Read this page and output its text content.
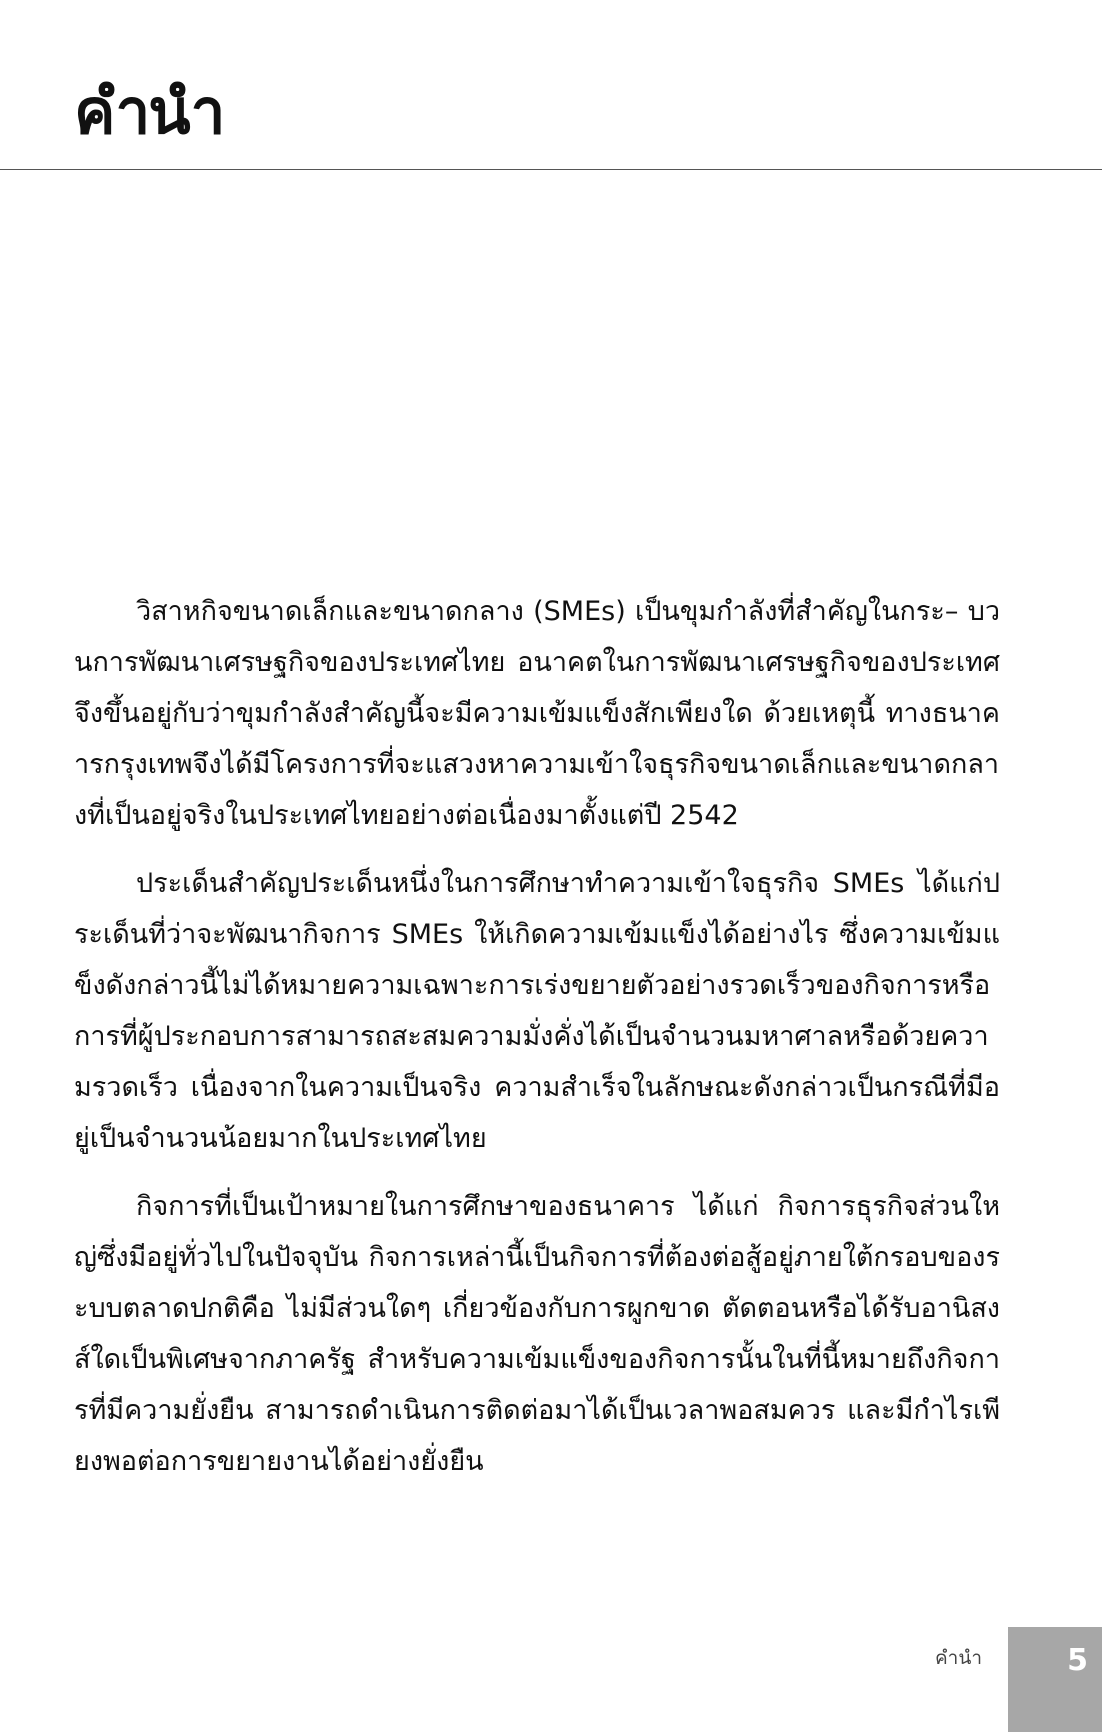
คำนำ

วิสาหกิจขนาดเล็กและขนาดกลาง (SMEs) เป็นขุมกำลังที่สำคัญในกระ– บวนการพัฒนาเศรษฐกิจของประเทศไทย อนาคตในการพัฒนาเศรษฐกิจของประเทศจึงขึ้นอยู่กับว่าขุมกำลังสำคัญนี้จะมีความเข้มแข็งสักเพียงใด ด้วยเหตุนี้ ทางธนาคารกรุงเทพจึงได้มีโครงการที่จะแสวงหาความเข้าใจธุรกิจขนาดเล็กและขนาดกลางที่เป็นอยู่จริงในประเทศไทยอย่างต่อเนื่องมาตั้งแต่ปี 2542

ประเด็นสำคัญประเด็นหนึ่งในการศึกษาทำความเข้าใจธุรกิจ SMEs ได้แก่ประเด็นที่ว่าจะพัฒนากิจการ SMEs ให้เกิดความเข้มแข็งได้อย่างไร ซึ่งความเข้มแข็งดังกล่าวนี้ไม่ได้หมายความเฉพาะการเร่งขยายตัวอย่างรวดเร็วของกิจการหรือการที่ผู้ประกอบการสามารถสะสมความมั่งคั่งได้เป็นจำนวนมหาศาลหรือด้วยความรวดเร็ว เนื่องจากในความเป็นจริง ความสำเร็จในลักษณะดังกล่าวเป็นกรณีที่มีอยู่เป็นจำนวนน้อยมากในประเทศไทย

กิจการที่เป็นเป้าหมายในการศึกษาของธนาคาร ได้แก่ กิจการธุรกิจส่วนใหญ่ซึ่งมีอยู่ทั่วไปในปัจจุบัน กิจการเหล่านี้เป็นกิจการที่ต้องต่อสู้อยู่ภายใต้กรอบของระบบตลาดปกติคือ ไม่มีส่วนใดๆ เกี่ยวข้องกับการผูกขาด ตัดตอนหรือได้รับอานิสงส์ใดเป็นพิเศษจากภาครัฐ สำหรับความเข้มแข็งของกิจการนั้นในที่นี้หมายถึงกิจการที่มีความยั่งยืน สามารถดำเนินการติดต่อมาได้เป็นเวลาพอสมควร และมีกำไรเพียงพอต่อการขยายงานได้อย่างยั่งยืน

คำนำ	5
